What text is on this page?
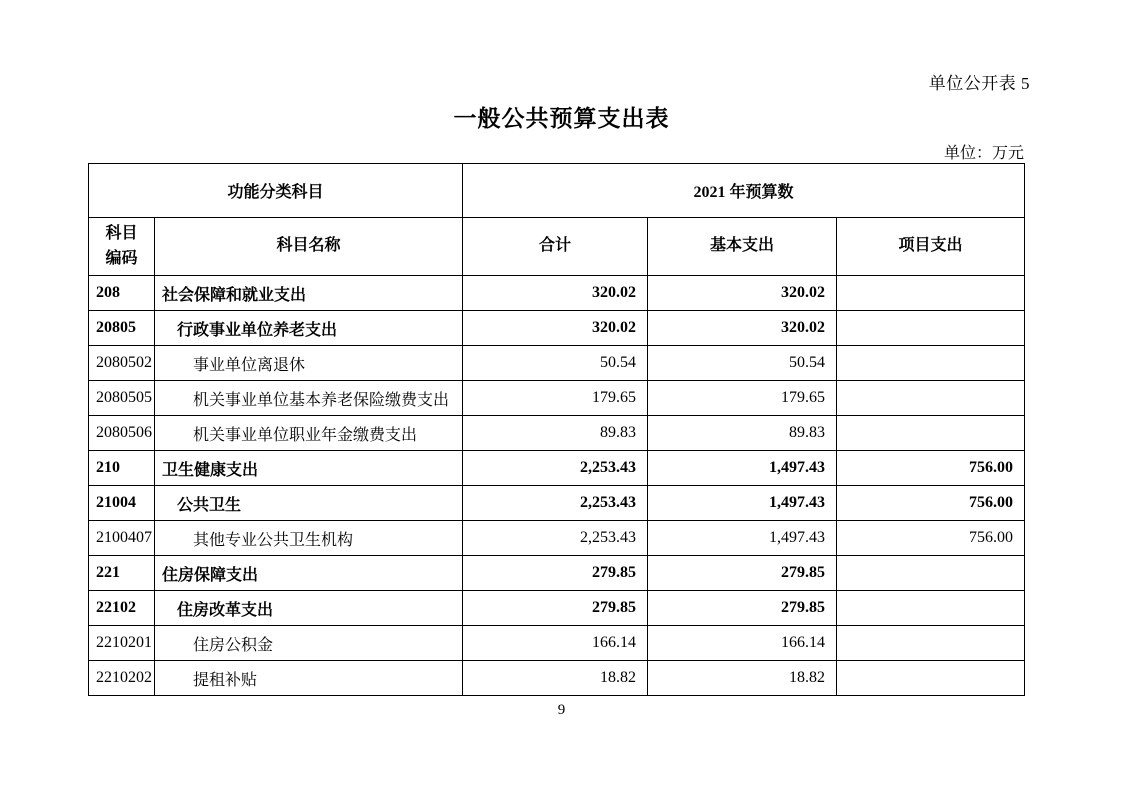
单位公开表 5
一般公共预算支出表
单位：万元
功能分类科目		2021 年预算数		

科目
编码	科目名称	合计	基本支出	项目支出
208	社会保障和就业支出	320.02	320.02	
20805	行政事业单位养老支出	320.02	320.02	
2080502	事业单位离退休	50.54	50.54	
2080505	机关事业单位基本养老保险缴费支出	179.65	179.65	
2080506	机关事业单位职业年金缴费支出	89.83	89.83	
210	卫生健康支出	2,253.43	1,497.43	756.00
21004	公共卫生	2,253.43	1,497.43	756.00
2100407	其他专业公共卫生机构	2,253.43	1,497.43	756.00
221	住房保障支出	279.85	279.85	
22102	住房改革支出	279.85	279.85	
2210201	住房公积金	166.14	166.14	
2210202	提租补贴	18.82	18.82	
9
